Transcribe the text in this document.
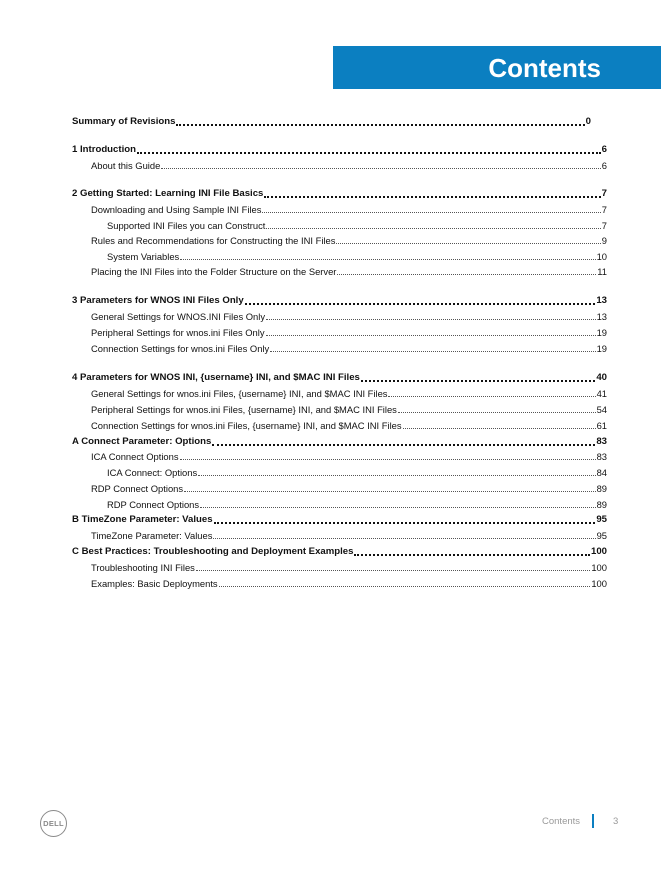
Contents
Summary of Revisions	0
1 Introduction	6
About this Guide	6
2 Getting Started: Learning INI File Basics	7
Downloading and Using Sample INI Files	7
Supported INI Files you can Construct	7
Rules and Recommendations for Constructing the INI Files	9
System Variables	10
Placing the INI Files into the Folder Structure on the Server	11
3 Parameters for WNOS INI Files Only	13
General Settings for WNOS.INI Files Only	13
Peripheral Settings for wnos.ini Files Only	19
Connection Settings for wnos.ini Files Only	19
4 Parameters for WNOS INI, {username} INI, and $MAC INI Files	40
General Settings for wnos.ini Files, {username} INI, and $MAC INI Files	41
Peripheral Settings for wnos.ini Files, {username} INI, and $MAC INI Files	54
Connection Settings for wnos.ini Files, {username} INI, and $MAC INI Files	61
A Connect Parameter: Options	83
ICA Connect Options	83
ICA Connect: Options	84
RDP Connect Options	89
RDP Connect Options	89
B TimeZone Parameter: Values	95
TimeZone Parameter: Values	95
C Best Practices: Troubleshooting and Deployment Examples	100
Troubleshooting INI Files	100
Examples: Basic Deployments	100
DELL	Contents	3
